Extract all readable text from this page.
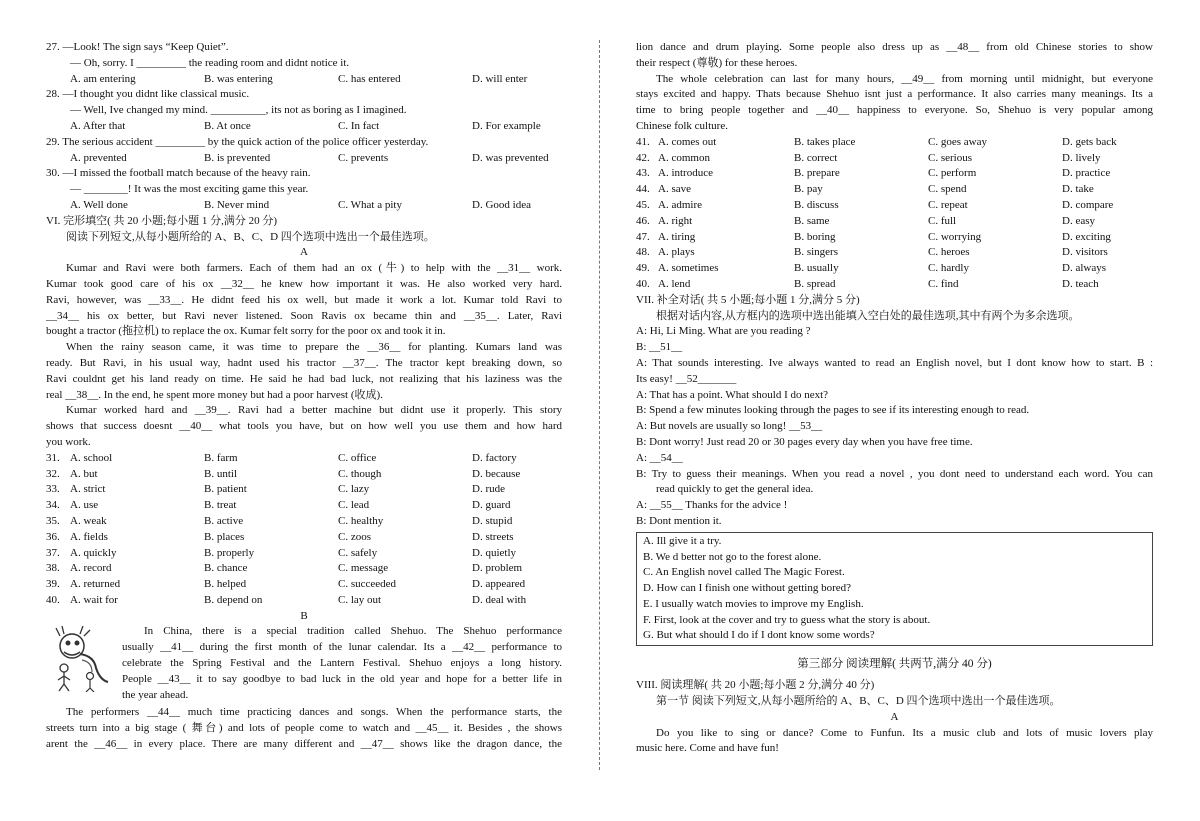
27. —Look! The sign says “Keep Quiet”.
— Oh, sorry. I _________ the reading room and didnt notice it.
A. am entering	B. was entering	C. has entered	D. will enter
28. —I thought you didnt like classical music.
— Well, Ive changed my mind. __________, its not as boring as I imagined.
A. After that	B. At once	C. In fact	D. For example
29. The serious accident _________ by the quick action of the police officer yesterday.
A. prevented	B. is prevented	C. prevents	D. was prevented
30. —I missed the football match because of the heavy rain.
— ________! It was the most exciting game this year.
A. Well done	B. Never mind	C. What a pity	D. Good idea
VI. 完形填空( 共 20 小题;每小题 1 分,满分 20 分)
阅读下列短文,从每小题所给的 A、B、C、D 四个选项中选出一个最佳选项。
A
Kumar and Ravi were both farmers. Each of them had an ox (牛) to help with the __31__ work.
Kumar took good care of his ox __32__ he knew how important it was. He also worked very hard.
Ravi, however, was __33__. He didnt feed his ox well, but made it work a lot. Kumar told Ravi to
__34__ his ox better, but Ravi never listened. Soon Ravis ox became thin and __35__. Later, Ravi
bought a tractor (拖拉机) to replace the ox. Kumar felt sorry for the poor ox and took it in.
When the rainy season came, it was time to prepare the __36__ for planting. Kumars land was
ready. But Ravi, in his usual way, hadnt used his tractor __37__. The tractor kept breaking down, so
Ravi couldnt get his land ready on time. He said he had bad luck, not realizing that his laziness was the
real __38__. In the end, he spent more money but had a poor harvest (收成).
Kumar worked hard and __39__. Ravi had a better machine but didnt use it properly. This story
shows that success doesnt __40__ what tools you have, but on how well you use them and how hard
you work.
31. A. school	B. farm	C. office	D. factory
32. A. but	B. until	C. though	D. because
33. A. strict	B. patient	C. lazy	D. rude
34. A. use	B. treat	C. lead	D. guard
35. A. weak	B. active	C. healthy	D. stupid
36. A. fields	B. places	C. zoos	D. streets
37. A. quickly	B. properly	C. safely	D. quietly
38. A. record	B. chance	C. message	D. problem
39. A. returned	B. helped	C. succeeded	D. appeared
40. A. wait for	B. depend on	C. lay out	D. deal with
B
In China, there is a special tradition called Shehuo. The Shehuo performance
usually __41__ during the first month of the lunar calendar. Its a __42__ performance to
celebrate the Spring Festival and the Lantern Festival. Shehuo enjoys a long history.
People __43__ it to say goodbye to bad luck in the old year and hope for a better life in
the year ahead.
The performers __44__ much time practicing dances and songs. When the performance starts, the
streets turn into a big stage ( 舞台) and lots of people come to watch and __45__ it. Besides , the shows
arent the __46__ in every place. There are many different and __47__ shows like the dragon dance, the
lion dance and drum playing. Some people also dress up as __48__ from old Chinese stories to show
their respect (尊敬) for these heroes.
The whole celebration can last for many hours, __49__ from morning until midnight, but everyone
stays excited and happy. Thats because Shehuo isnt just a performance. It also carries many meanings. Its a
time to bring people together and __40__ happiness to everyone. So, Shehuo is very popular among
Chinese folk culture.
41. A. comes out	B. takes place	C. goes away	D. gets back
42. A. common	B. correct	C. serious	D. lively
43. A. introduce	B. prepare	C. perform	D. practice
44. A. save	B. pay	C. spend	D. take
45. A. admire	B. discuss	C. repeat	D. compare
46. A. right	B. same	C. full	D. easy
47. A. tiring	B. boring	C. worrying	D. exciting
48. A. plays	B. singers	C. heroes	D. visitors
49. A. sometimes	B. usually	C. hardly	D. always
40. A. lend	B. spread	C. find	D. teach
VII. 补全对话( 共 5 小题;每小题 1 分,满分 5 分)
根据对话内容,从方框内的选项中选出能填入空白处的最佳选项,其中有两个为多余选项。
A: Hi, Li Ming. What are you reading ?
B: __51__
A: That sounds interesting. Ive always wanted to read an English novel, but I dont know how to start. B :
Its easy! __52_______
A: That has a point. What should I do next?
B: Spend a few minutes looking through the pages to see if its interesting enough to read.
A: But novels are usually so long! __53__
B: Dont worry! Just read 20 or 30 pages every day when you have free time.
A: __54__
B: Try to guess their meanings. When you read a novel , you dont need to understand each word. You can
read quickly to get the general idea.
A: __55__ Thanks for the advice !
B: Dont mention it.
A. Ill give it a try.
B. We d better not go to the forest alone.
C. An English novel called The Magic Forest.
D. How can I finish one without getting bored?
E. I usually watch movies to improve my English.
F. First, look at the cover and try to guess what the story is about.
G. But what should I do if I dont know some words?
第三部分 阅读理解( 共两节,满分 40 分)
VIII. 阅读理解( 共 20 小题;每小题 2 分,满分 40 分)
第一节 阅读下列短文,从每小题所给的 A、B、C、D 四个选项中选出一个最佳选项。
A
Do you like to sing or dance? Come to Funfun. Its a music club and lots of music lovers play
music here. Come and have fun!
